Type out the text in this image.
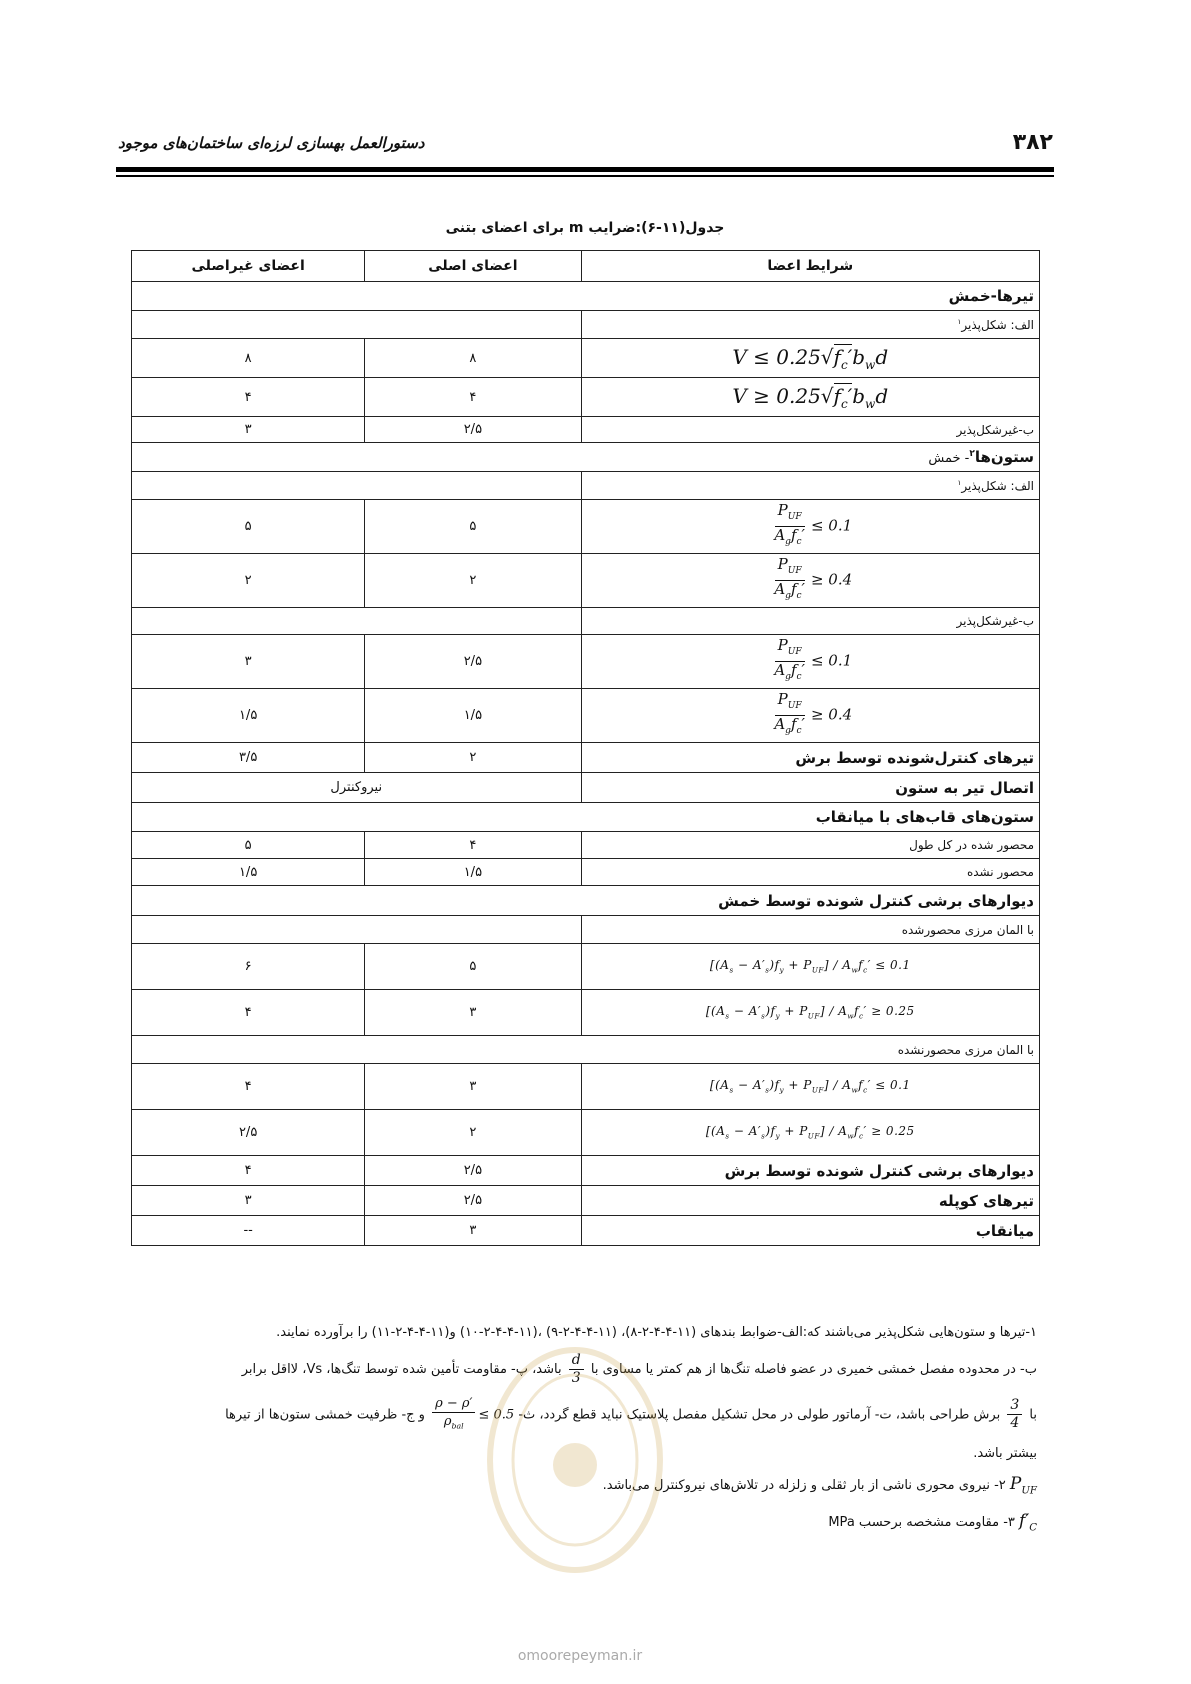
۳۸۲
دستورالعمل بهسازی لرزه‌ای ساختمان‌های موجود
جدول(۱۱-۶):ضرایب m برای اعضای بتنی
شرایط اعضا	اعضای اصلی	اعضای غیراصلی
تیرها-خمش		
الف: شکل‌پذیر$^۱$	
$V \le 0.25√f_c'b_wd$	۸	۸
$V \ge 0.25√f_c'b_wd$	۴	۴
ب-غیرشکل‌پذیر	۲/۵	۳
ستون‌ها$^۲$- خمش		
الف: شکل‌پذیر$^۱$	

$\frac{P_{UF}}{A_gf_c'} \le 0.1$	۵	۵

$\frac{P_{UF}}{A_gf_c'} \ge 0.4$	۲	۲
ب-غیرشکل‌پذیر		

$\frac{P_{UF}}{A_gf_c'} \le 0.1$	۲/۵	۳

$\frac{P_{UF}}{A_gf_c'} \ge 0.4$	۱/۵	۱/۵
تیرهای کنترل‌شونده توسط برش	۲	۳/۵
اتصال تیر به ستون	نیروکنترل	
ستون‌های قاب‌های با میانقاب		
محصور شده در کل طول	۴	۵
محصور نشده	۱/۵	۱/۵
دیوارهای برشی کنترل شونده توسط خمش		
با المان مرزی محصورشده		
$[(A_s - A'_s)f_y + P_{UF}]$ ∕ $A_wf_c' \le 0.1$	۵	۶
$[(A_s - A'_s)f_y + P_{UF}]$ ∕ $A_wf_c' \ge 0.25$	۳	۴
با المان مرزی محصورنشده		
$[(A_s - A'_s)f_y + P_{UF}]$ ∕ $A_wf_c' \le 0.1$	۳	۴
$[(A_s - A'_s)f_y + P_{UF}]$ ∕ $A_wf_c' \ge 0.25$	۲	۲/۵
دیوارهای برشی کنترل شونده توسط برش	۲/۵	۴
تیرهای کوپله	۲/۵	۳
میانقاب	۳	--

۱-تیرها و ستون‌هایی شکل‌پذیر می‌باشند که:الف-ضوابط بندهای (۱۱-۴-۴-۲-۸)، (۱۱-۴-۴-۲-۹) ،(۱۱-۴-۴-۲-۱۰) و(۱۱-۴-۴-۲-۱۱) را برآورده نمایند.

ب- در محدوده مفصل خمشی خمیری در عضو فاصله تنگ‌ها از هم کمتر یا مساوی با
$\frac{d}{3}$
باشد، پ- مقاومت تأمین شده توسط تنگ‌ها، Vs، لااقل برابر

با
$\frac{3}{4}$
برش طراحی باشد، ت- آرماتور طولی در محل تشکیل مفصل پلاستیک نباید قطع گردد، ث-
$\frac{\rho - \rho'}{\rho_{bal}} \le 0.5$ و ج- ظرفیت خمشی ستون‌ها از تیرها

بیشتر باشد.

$P_{UF}$ ۲- نیروی محوری ناشی از بار ثقلی و زلزله در تلاش‌های نیروکنترل می‌باشد.

$f'_C$ ۳- مقاومت مشخصه برحسب MPa

omoorepeyman.ir
